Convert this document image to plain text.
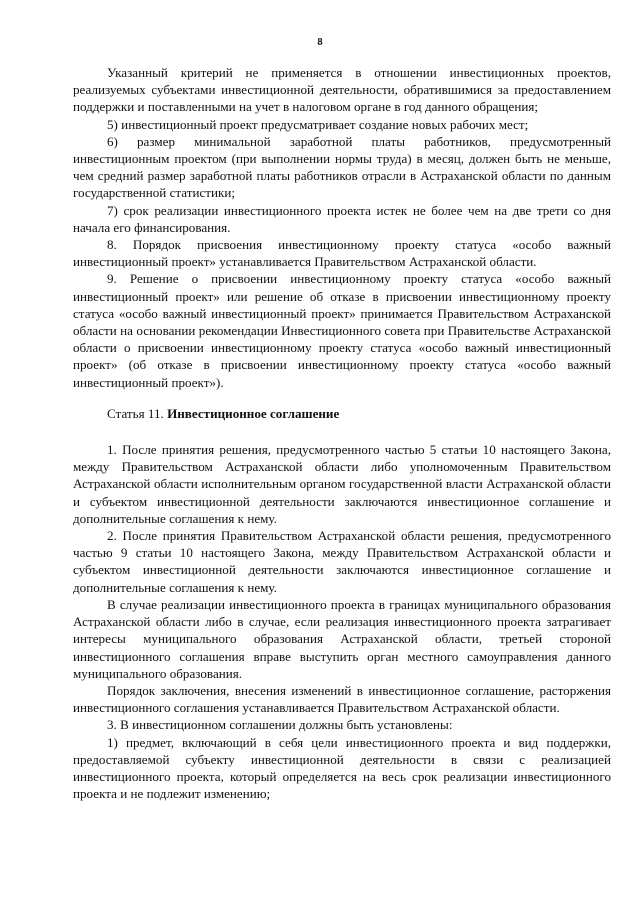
8

Указанный критерий не применяется в отношении инвестиционных проектов, реализуемых субъектами инвестиционной деятельности, обратившимися за предоставлением поддержки и поставленными на учет в налоговом органе в год данного обращения;

5) инвестиционный проект предусматривает создание новых рабочих мест;

6) размер минимальной заработной платы работников, предусмотренный инвестиционным проектом (при выполнении нормы труда) в месяц, должен быть не меньше, чем средний размер заработной платы работников отрасли в Астраханской области по данным государственной статистики;

7) срок реализации инвестиционного проекта истек не более чем на две трети со дня начала его финансирования.

8. Порядок присвоения инвестиционному проекту статуса «особо важный инвестиционный проект» устанавливается Правительством Астраханской области.

9. Решение о присвоении инвестиционному проекту статуса «особо важный инвестиционный проект» или решение об отказе в присвоении инвестиционному проекту статуса «особо важный инвестиционный проект» принимается Правительством Астраханской области на основании рекомендации Инвестиционного совета при Правительстве Астраханской области о присвоении инвестиционному проекту статуса «особо важный инвестиционный проект» (об отказе в присвоении инвестиционному проекту статуса «особо важный инвестиционный проект»).

Статья 11. Инвестиционное соглашение

1. После принятия решения, предусмотренного частью 5 статьи 10 настоящего Закона, между Правительством Астраханской области либо уполномоченным Правительством Астраханской области исполнительным органом государственной власти Астраханской области и субъектом инвестиционной деятельности заключаются инвестиционное соглашение и дополнительные соглашения к нему.

2. После принятия Правительством Астраханской области решения, предусмотренного частью 9 статьи 10 настоящего Закона, между Правительством Астраханской области и субъектом инвестиционной деятельности заключаются инвестиционное соглашение и дополнительные соглашения к нему.

В случае реализации инвестиционного проекта в границах муниципального образования Астраханской области либо в случае, если реализация инвестиционного проекта затрагивает интересы муниципального образования Астраханской области, третьей стороной инвестиционного соглашения вправе выступить орган местного самоуправления данного муниципального образования.

Порядок заключения, внесения изменений в инвестиционное соглашение, расторжения инвестиционного соглашения устанавливается Правительством Астраханской области.

3. В инвестиционном соглашении должны быть установлены:

1) предмет, включающий в себя цели инвестиционного проекта и вид поддержки, предоставляемой субъекту инвестиционной деятельности в связи с реализацией инвестиционного проекта, который определяется на весь срок реализации инвестиционного проекта и не подлежит изменению;
